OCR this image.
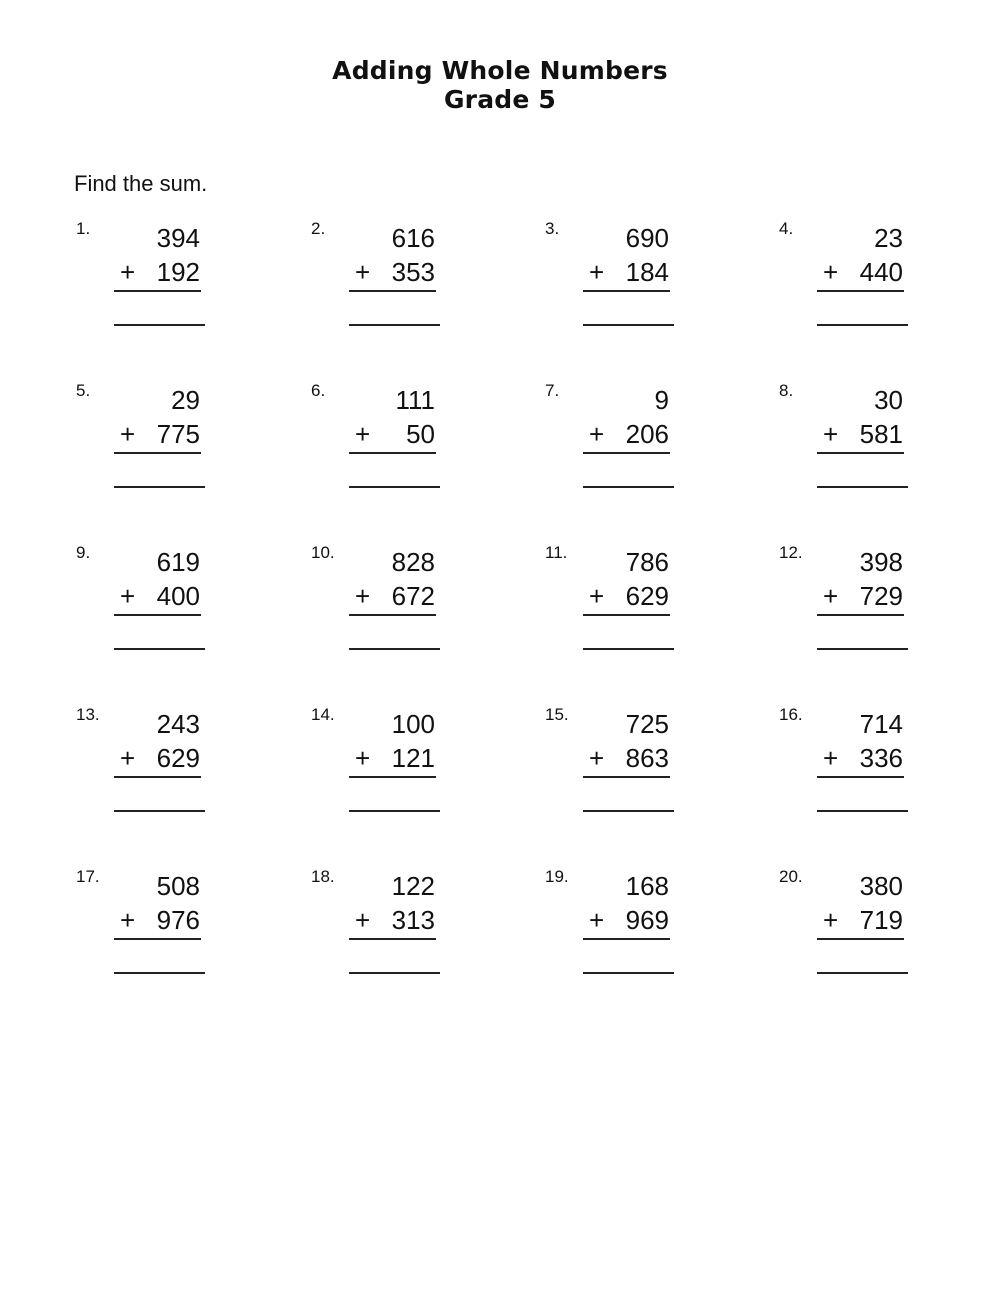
Adding Whole Numbers
Grade 5
Find the sum.
1.	394
+ 192
2.	616
+ 353
3.	690
+ 184
4.	23
+ 440
5.	29
+ 775
6.	111
+	50
7.	9
+ 206
8.	30
+ 581
9.	619
+ 400
10.	828
+ 672
11.	786
+ 629
12.	398
+ 729
13.	243
+ 629
14.	100
+ 121
15.	725
+ 863
16.	714
+ 336
17.	508
+ 976
18.	122
+ 313
19.	168
+ 969
20.	380
+ 719
